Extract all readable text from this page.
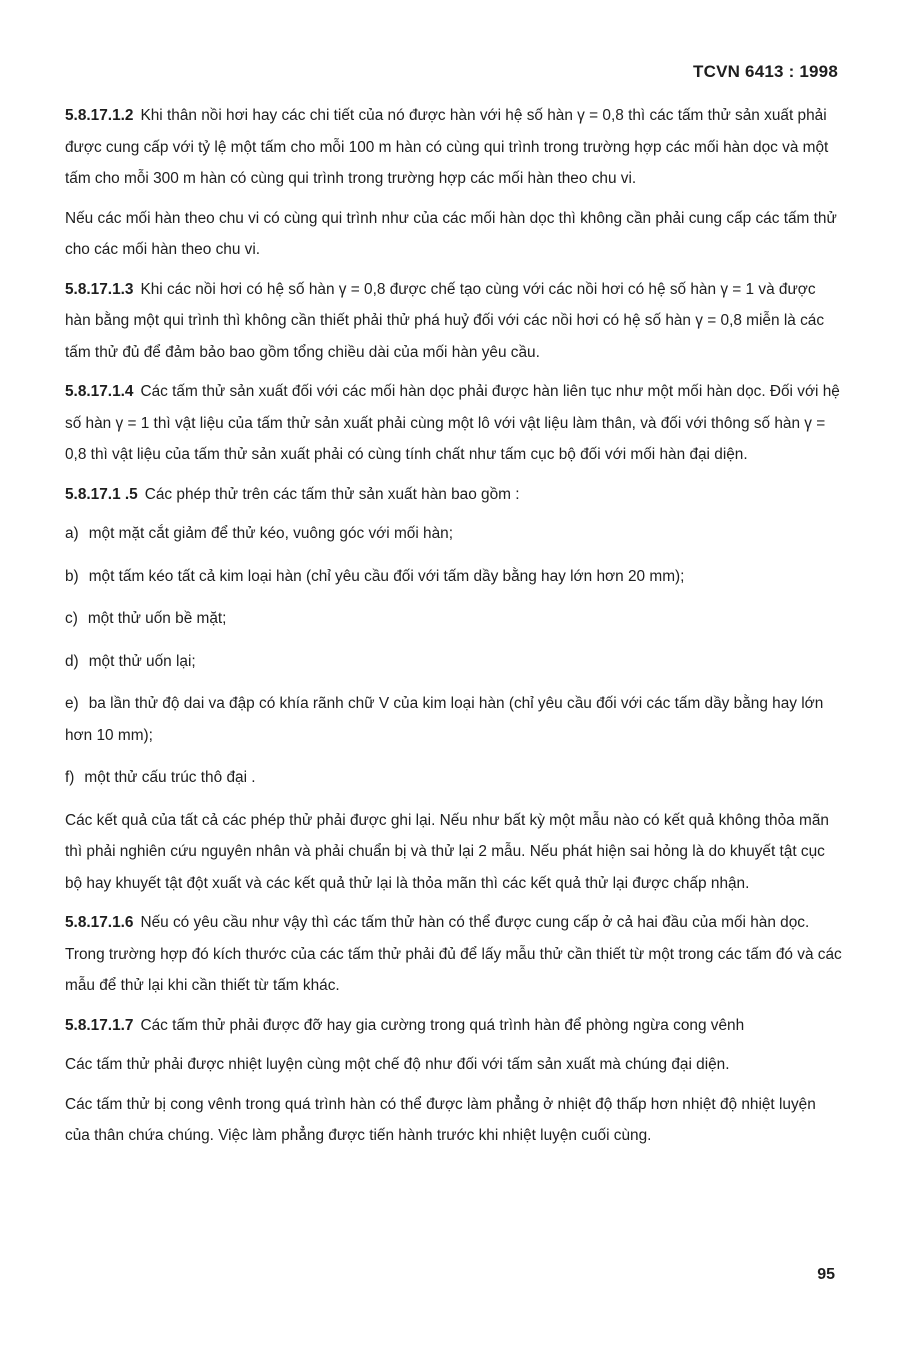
TCVN 6413 : 1998

5.8.17.1.2 Khi thân nồi hơi hay các chi tiết của nó được hàn với hệ số hàn γ = 0,8 thì các tấm thử sản xuất phải được cung cấp với tỷ lệ một tấm cho mỗi 100 m hàn có cùng qui trình trong trường hợp các mối hàn dọc và một tấm cho mỗi 300 m hàn có cùng qui trình trong trường hợp các mối hàn theo chu vi.

Nếu các mối hàn theo chu vi có cùng qui trình như của các mối hàn dọc thì không cần phải cung cấp các tấm thử cho các mối hàn theo chu vi.

5.8.17.1.3 Khi các nồi hơi có hệ số hàn γ = 0,8 được chế tạo cùng với các nồi hơi có hệ số hàn γ = 1 và được hàn bằng một qui trình thì không cần thiết phải thử phá huỷ đối với các nồi hơi có hệ số hàn γ = 0,8 miễn là các tấm thử đủ để đảm bảo bao gồm tổng chiều dài của mối hàn yêu cầu.

5.8.17.1.4 Các tấm thử sản xuất đối với các mối hàn dọc phải được hàn liên tục như một mối hàn dọc. Đối với hệ số hàn γ = 1 thì vật liệu của tấm thử sản xuất phải cùng một lô với vật liệu làm thân, và đối với thông số hàn γ = 0,8 thì vật liệu của tấm thử sản xuất phải có cùng tính chất như tấm cục bộ đối với mối hàn đại diện.

5.8.17.1 .5 Các phép thử trên các tấm thử sản xuất hàn bao gồm :

a) một mặt cắt giảm để thử kéo, vuông góc với mối hàn;

b) một tấm kéo tất cả kim loại hàn (chỉ yêu cầu đối với tấm dầy bằng hay lớn hơn 20 mm);

c) một thử uốn bề mặt;

d) một thử uốn lại;

e) ba lần thử độ dai va đập có khía rãnh chữ V của kim loại hàn (chỉ yêu cầu đối với các tấm dầy bằng hay lớn hơn 10 mm);

f) một thử cấu trúc thô đại .

Các kết quả của tất cả các phép thử phải được ghi lại. Nếu như bất kỳ một mẫu nào có kết quả không thỏa mãn thì phải nghiên cứu nguyên nhân và phải chuẩn bị và thử lại 2 mẫu. Nếu phát hiện sai hỏng là do khuyết tật cục bộ hay khuyết tật đột xuất và các kết quả thử lại là thỏa mãn thì các kết quả thử lại được chấp nhận.

5.8.17.1.6 Nếu có yêu cầu như vậy thì các tấm thử hàn có thể được cung cấp ở cả hai đầu của mối hàn dọc. Trong trường hợp đó kích thước của các tấm thử phải đủ để lấy mẫu thử cần thiết từ một trong các tấm đó và các mẫu để thử lại khi cần thiết từ tấm khác.

5.8.17.1.7 Các tấm thử phải được đỡ hay gia cường trong quá trình hàn để phòng ngừa cong vênh

Các tấm thử phải được nhiệt luyện cùng một chế độ như đối với tấm sản xuất mà chúng đại diện.

Các tấm thử bị cong vênh trong quá trình hàn có thể được làm phẳng ở nhiệt độ thấp hơn nhiệt độ nhiệt luyện của thân chứa chúng. Việc làm phẳng được tiến hành trước khi nhiệt luyện cuối cùng.

95
